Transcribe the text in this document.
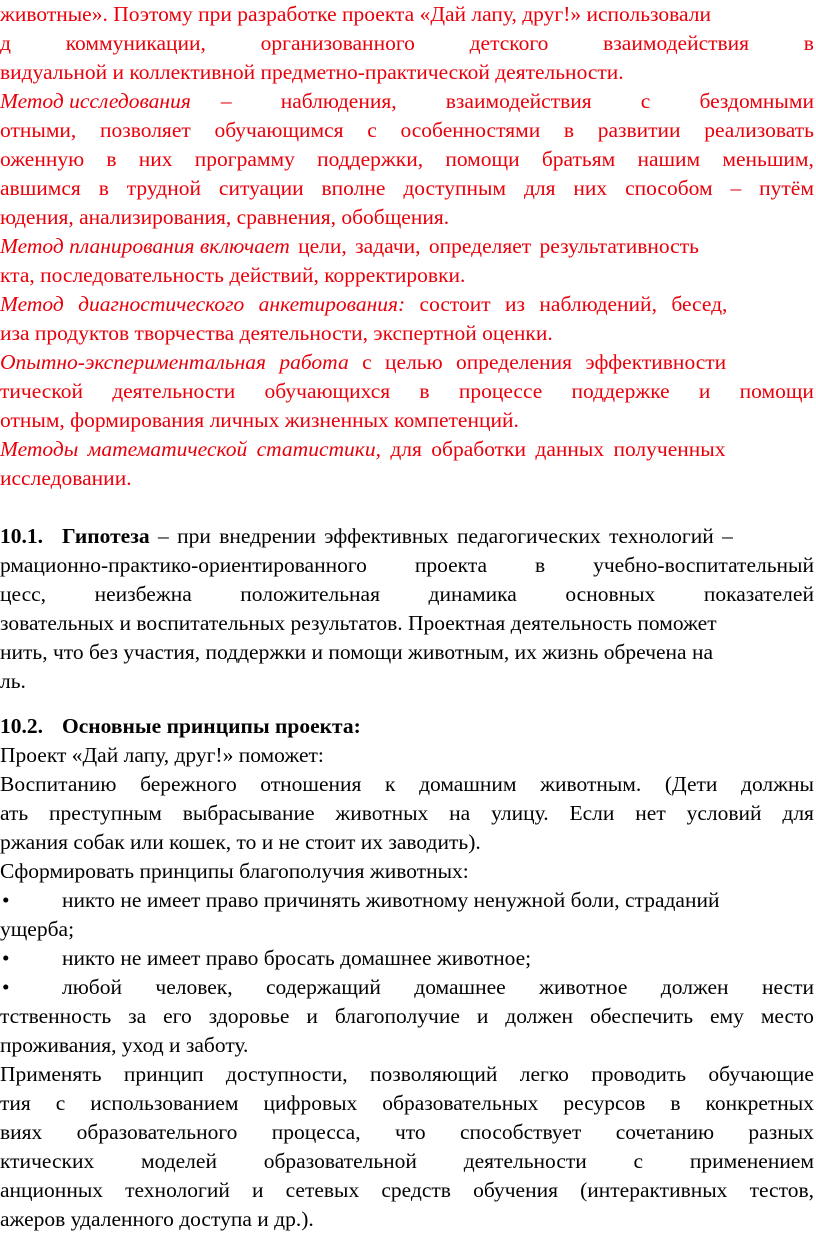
животные». Поэтому при разработке проекта «Дай лапу, друг!» использовали
д	коммуникации,	организованного	детского	взаимодействия	в
видуальной и коллективной предметно-практической деятельности.
Метод исследования – наблюдения, взаимодействия с бездомными
отными, позволяет обучающимся с особенностями в развитии реализовать
оженную в них программу поддержки, помощи братьям нашим меньшим,
авшимся в трудной ситуации вполне доступным для них способом – путём
юдения, анализирования, сравнения, обобщения.
Метод планирования включает цели, задачи, определяет результативность
кта, последовательность действий, корректировки.
Метод диагностического анкетирования: состоит из наблюдений, бесед,
иза продуктов творчества деятельности, экспертной оценки.
Опытно-экспериментальная работа с целью определения эффективности
тической деятельности обучающихся в процессе поддержке и помощи
отным, формирования личных жизненных компетенций.
Методы математической статистики, для обработки данных полученных
исследовании.
10.1. Гипотеза – при внедрении эффективных педагогических технологий –
рмационно-практико-ориентированного проекта в учебно-воспитательный
цесс, неизбежна положительная динамика основных показателей
зовательных и воспитательных результатов. Проектная деятельность поможет
нить, что без участия, поддержки и помощи животным, их жизнь обречена на
ль.
10.2. Основные принципы проекта:
Проект «Дай лапу, друг!» поможет:
Воспитанию бережного отношения к домашним животным. (Дети должны
ать преступным выбрасывание животных на улицу. Если нет условий для
ржания собак или кошек, то и не стоит их заводить).
Сформировать принципы благополучия животных:
• никто не имеет право причинять животному ненужной боли, страданий
ущерба;
• никто не имеет право бросать домашнее животное;
•	любой человек, содержащий домашнее животное должен нести
тственность за его здоровье и благополучие и должен обеспечить ему место
проживания, уход и заботу.
Применять принцип доступности, позволяющий легко проводить обучающие
тия с использованием цифровых образовательных ресурсов в конкретных
виях образовательного процесса, что способствует сочетанию разных
ктических моделей образовательной деятельности с применением
анционных технологий и сетевых средств обучения (интерактивных тестов,
ажеров удаленного доступа и др.).
